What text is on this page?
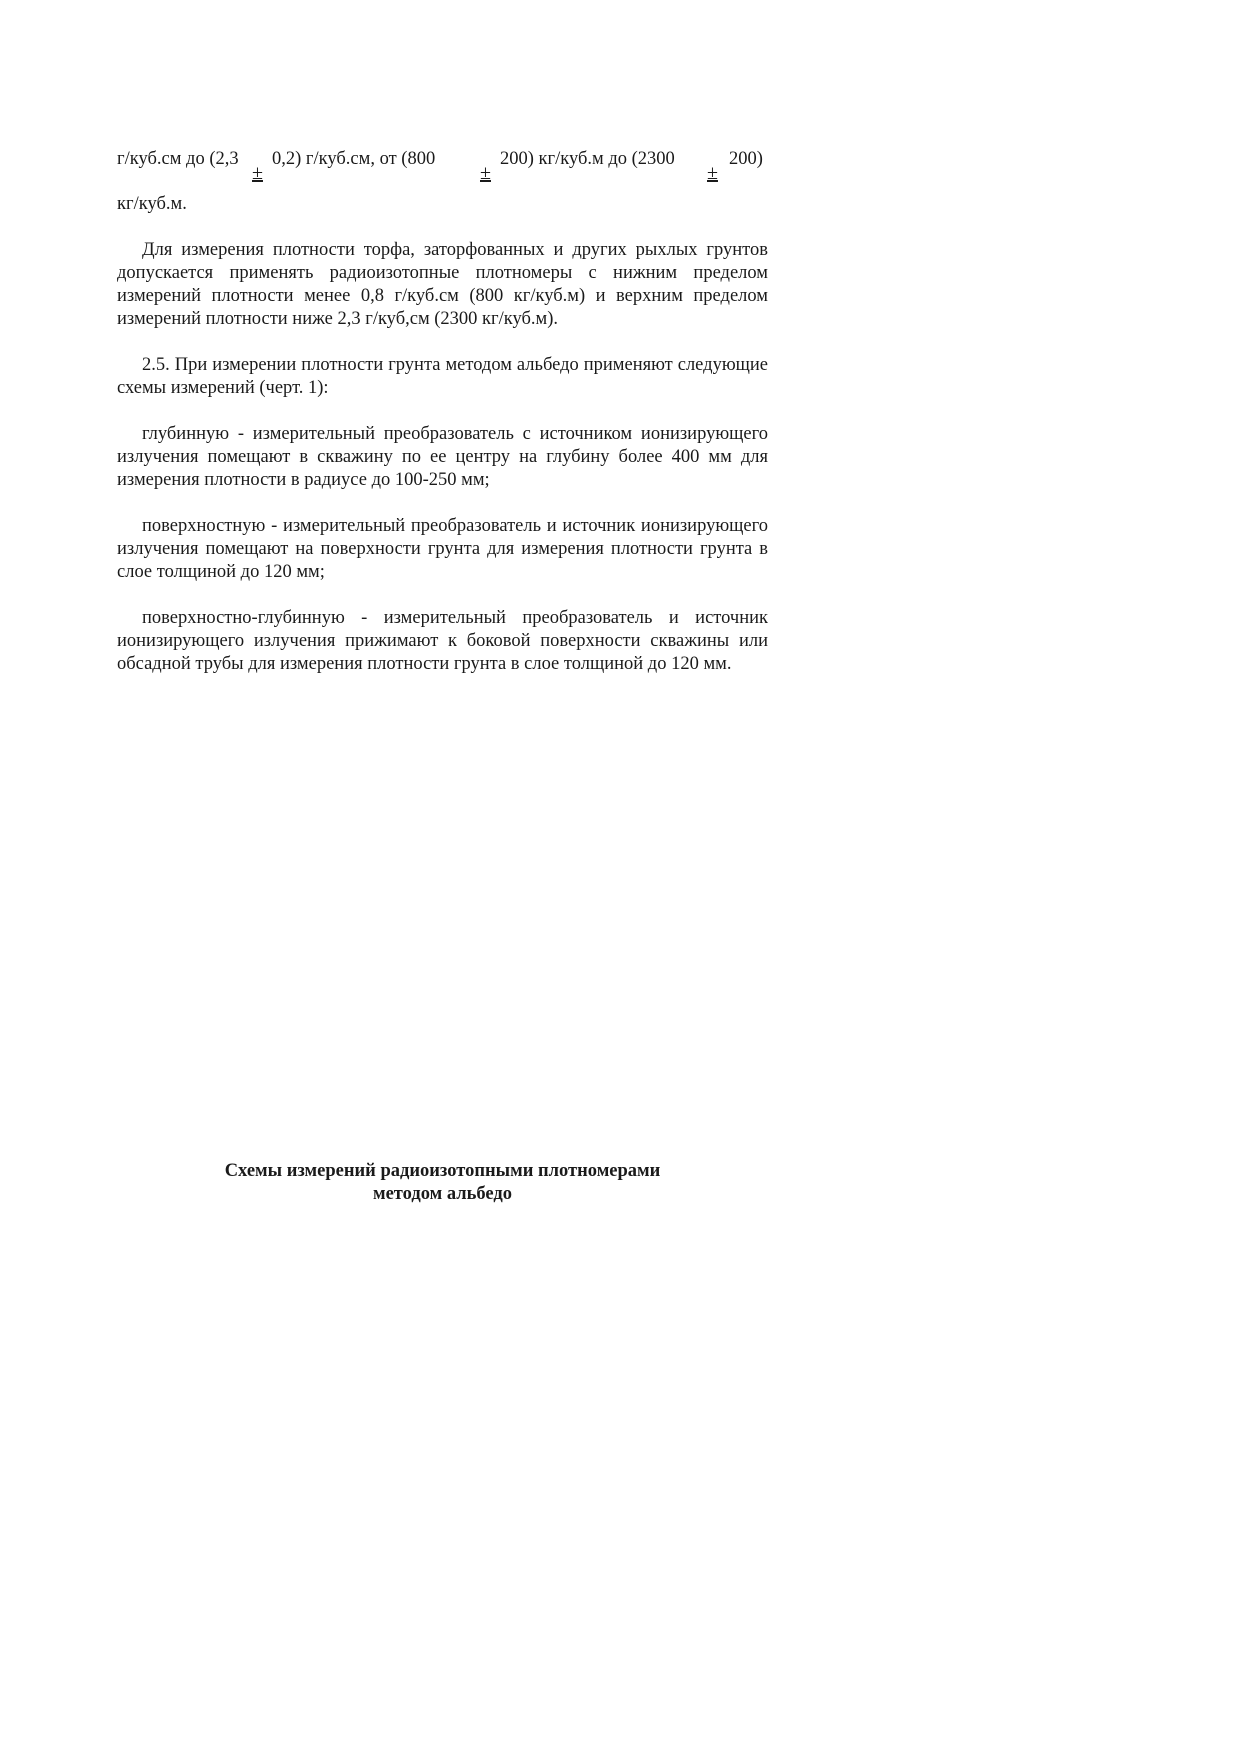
г/куб.см до (2,3
±
0,2) г/куб.см, от (800
±
200) кг/куб.м до (2300
±
200)

кг/куб.м.

Для измерения плотности торфа, заторфованных и других рыхлых грунтов допускается применять радиоизотопные плотномеры с нижним пределом измерений плотности менее 0,8 г/куб.см (800 кг/куб.м) и верхним пределом измерений плотности ниже 2,3 г/куб,см (2300 кг/куб.м).

2.5. При измерении плотности грунта методом альбедо применяют следующие схемы измерений (черт. 1):

глубинную - измерительный преобразователь с источником ионизирующего излучения помещают в скважину по ее центру на глубину более 400 мм для измерения плотности в радиусе до 100-250 мм;

поверхностную - измерительный преобразователь и источник ионизирующего излучения помещают на поверхности грунта для измерения плотности грунта в слое толщиной до 120 мм;

поверхностно-глубинную - измерительный преобразователь и источник ионизирующего излучения прижимают к боковой поверхности скважины или обсадной трубы для измерения плотности грунта в слое толщиной до 120 мм.

Схемы измерений радиоизотопными плотномерами
методом альбедо
